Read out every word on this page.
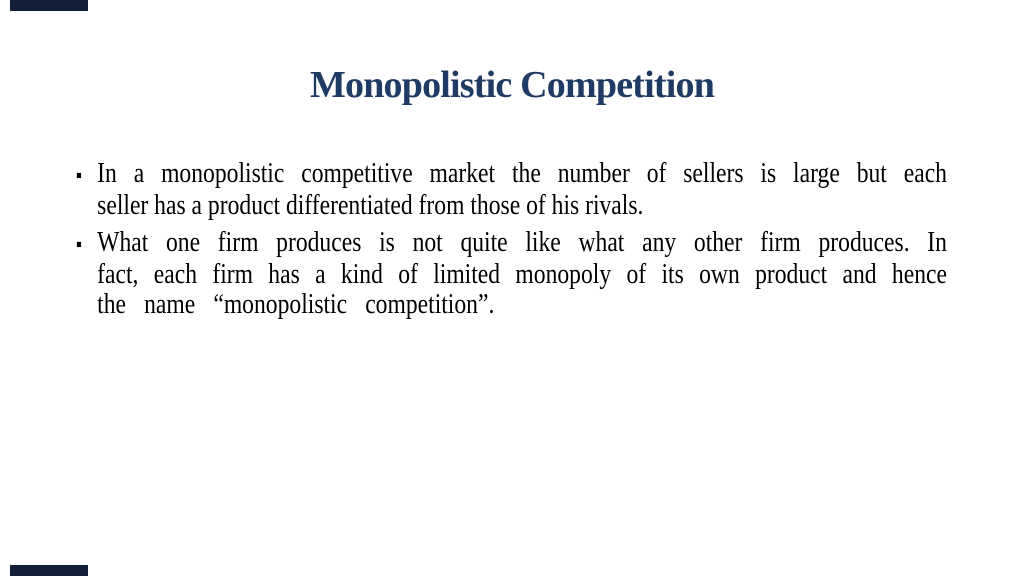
Monopolistic Competition
▪ In a monopolistic competitive market the number of sellers is large but each
seller has a product differentiated from those of his rivals.
▪ What one firm produces is not quite like what any other firm produces. In
fact, each firm has a kind of limited monopoly of its own product and hence
the name “monopolistic competition”.
